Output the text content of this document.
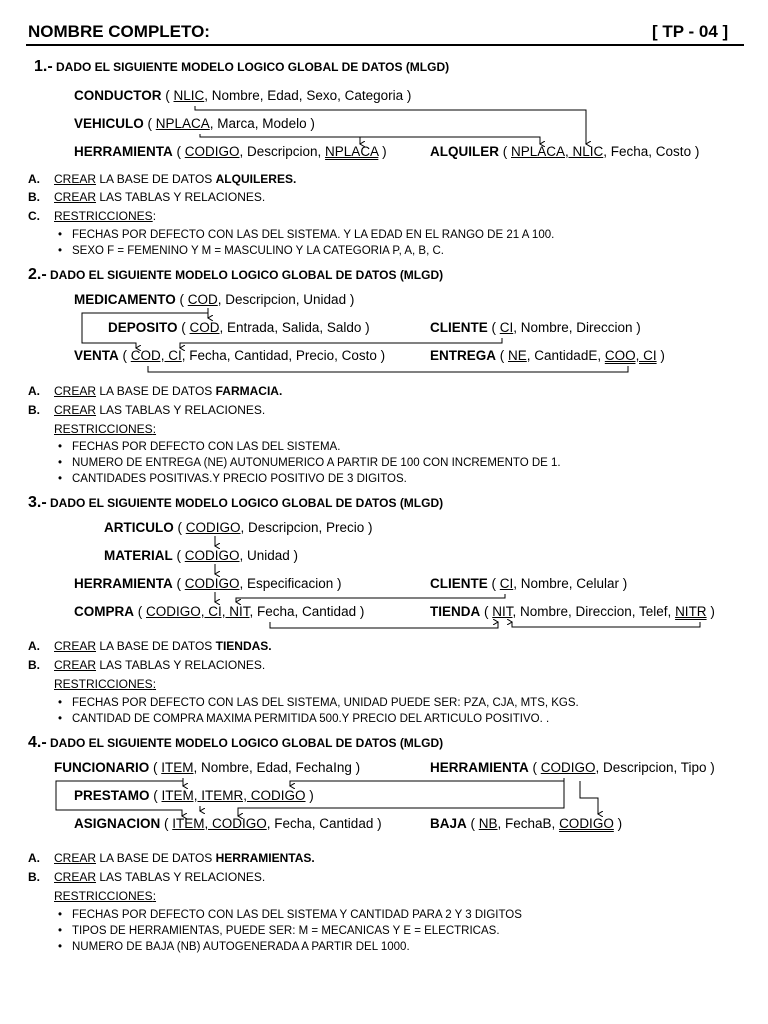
NOMBRE COMPLETO:	[ TP - 04 ]
1.- DADO EL SIGUIENTE MODELO LOGICO GLOBAL DE DATOS (MLGD)
CONDUCTOR ( NLIC, Nombre, Edad, Sexo, Categoria )
VEHICULO ( NPLACA, Marca, Modelo )
HERRAMIENTA ( CODIGO, Descripcion, NPLACA )	ALQUILER ( NPLACA, NLIC, Fecha, Costo )
A. CREAR LA BASE DE DATOS ALQUILERES.
B. CREAR LAS TABLAS Y RELACIONES.
C. RESTRICCIONES:
• FECHAS POR DEFECTO CON LAS DEL SISTEMA. Y LA EDAD EN EL RANGO DE 21 A 100.
• SEXO F = FEMENINO Y M = MASCULINO Y LA CATEGORIA P, A, B, C.
2.- DADO EL SIGUIENTE MODELO LOGICO GLOBAL DE DATOS (MLGD)
MEDICAMENTO ( COD, Descripcion, Unidad )
DEPOSITO ( COD, Entrada, Salida, Saldo )	CLIENTE ( CI, Nombre, Direccion )
VENTA ( COD, CI, Fecha, Cantidad, Precio, Costo )	ENTREGA ( NE, CantidadE, COO, CI )
A. CREAR LA BASE DE DATOS FARMACIA.
B. CREAR LAS TABLAS Y RELACIONES.
RESTRICCIONES:
• FECHAS POR DEFECTO CON LAS DEL SISTEMA.
• NUMERO DE ENTREGA (NE) AUTONUMERICO A PARTIR DE 100 CON INCREMENTO DE 1.
• CANTIDADES POSITIVAS.Y PRECIO POSITIVO DE 3 DIGITOS.
3.- DADO EL SIGUIENTE MODELO LOGICO GLOBAL DE DATOS (MLGD)
ARTICULO ( CODIGO, Descripcion, Precio )
MATERIAL ( CODIGO, Unidad )
HERRAMIENTA ( CODIGO, Especificacion )	CLIENTE ( CI, Nombre, Celular )
COMPRA ( CODIGO, CI, NIT, Fecha, Cantidad )	TIENDA ( NIT, Nombre, Direccion, Telef, NITR )
A. CREAR LA BASE DE DATOS TIENDAS.
B. CREAR LAS TABLAS Y RELACIONES.
RESTRICCIONES:
• FECHAS POR DEFECTO CON LAS DEL SISTEMA, UNIDAD PUEDE SER: PZA, CJA, MTS, KGS.
• CANTIDAD DE COMPRA MAXIMA PERMITIDA 500.Y PRECIO DEL ARTICULO POSITIVO. .
4.- DADO EL SIGUIENTE MODELO LOGICO GLOBAL DE DATOS (MLGD)
FUNCIONARIO ( ITEM, Nombre, Edad, FechaIng )	HERRAMIENTA ( CODIGO, Descripcion, Tipo )
PRESTAMO ( ITEM, ITEMR, CODIGO )
ASIGNACION ( ITEM, CODIGO, Fecha, Cantidad )	BAJA ( NB, FechaB, CODIGO )
A. CREAR LA BASE DE DATOS HERRAMIENTAS.
B. CREAR LAS TABLAS Y RELACIONES.
RESTRICCIONES:
• FECHAS POR DEFECTO CON LAS DEL SISTEMA Y CANTIDAD PARA 2 Y 3 DIGITOS
• TIPOS DE HERRAMIENTAS, PUEDE SER: M = MECANICAS Y E = ELECTRICAS.
• NUMERO DE BAJA (NB) AUTOGENERADA A PARTIR DEL 1000.
